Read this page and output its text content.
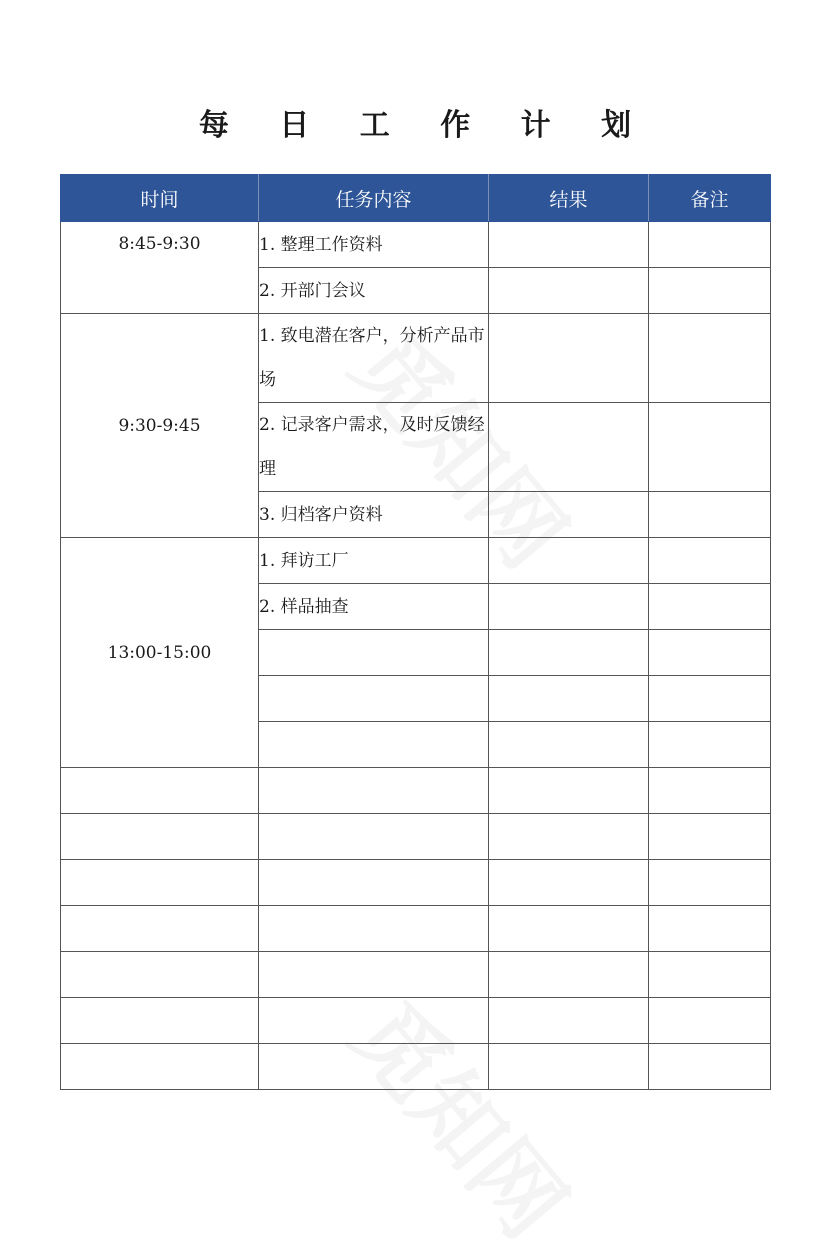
每 日 工 作 计 划
时间	任务内容	结果	备注
8:45-9:30	1. 整理工作资料		
	2. 开部门会议		
9:30-9:45	1. 致电潜在客户，分析产品市场		
	2. 记录客户需求，及时反馈经理		
	3. 归档客户资料		
13:00-15:00	1. 拜访工厂		
	2. 样品抽查		
